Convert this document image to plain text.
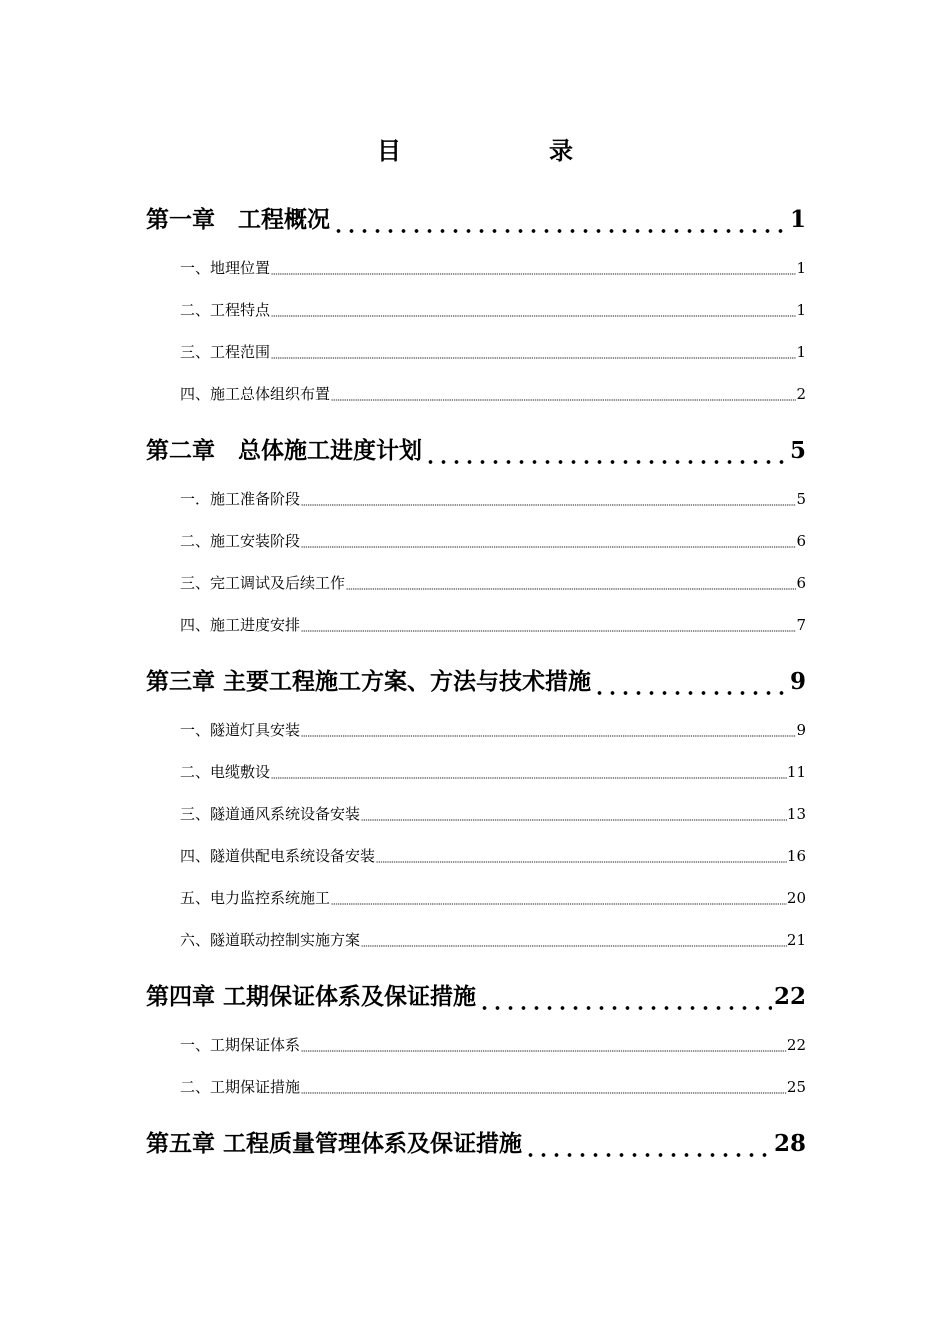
目　录
第一章　工程概况	1
一、地理位置	1
二、工程特点	1
三、工程范围	1
四、施工总体组织布置	2
第二章　总体施工进度计划	5
一．施工准备阶段	5
二、施工安装阶段	6
三、完工调试及后续工作	6
四、施工进度安排	7
第三章 主要工程施工方案、方法与技术措施	9
一、隧道灯具安装	9
二、电缆敷设	11
三、隧道通风系统设备安装	13
四、隧道供配电系统设备安装	16
五、电力监控系统施工	20
六、隧道联动控制实施方案	21
第四章 工期保证体系及保证措施	22
一、工期保证体系	22
二、工期保证措施	25
第五章 工程质量管理体系及保证措施	28
